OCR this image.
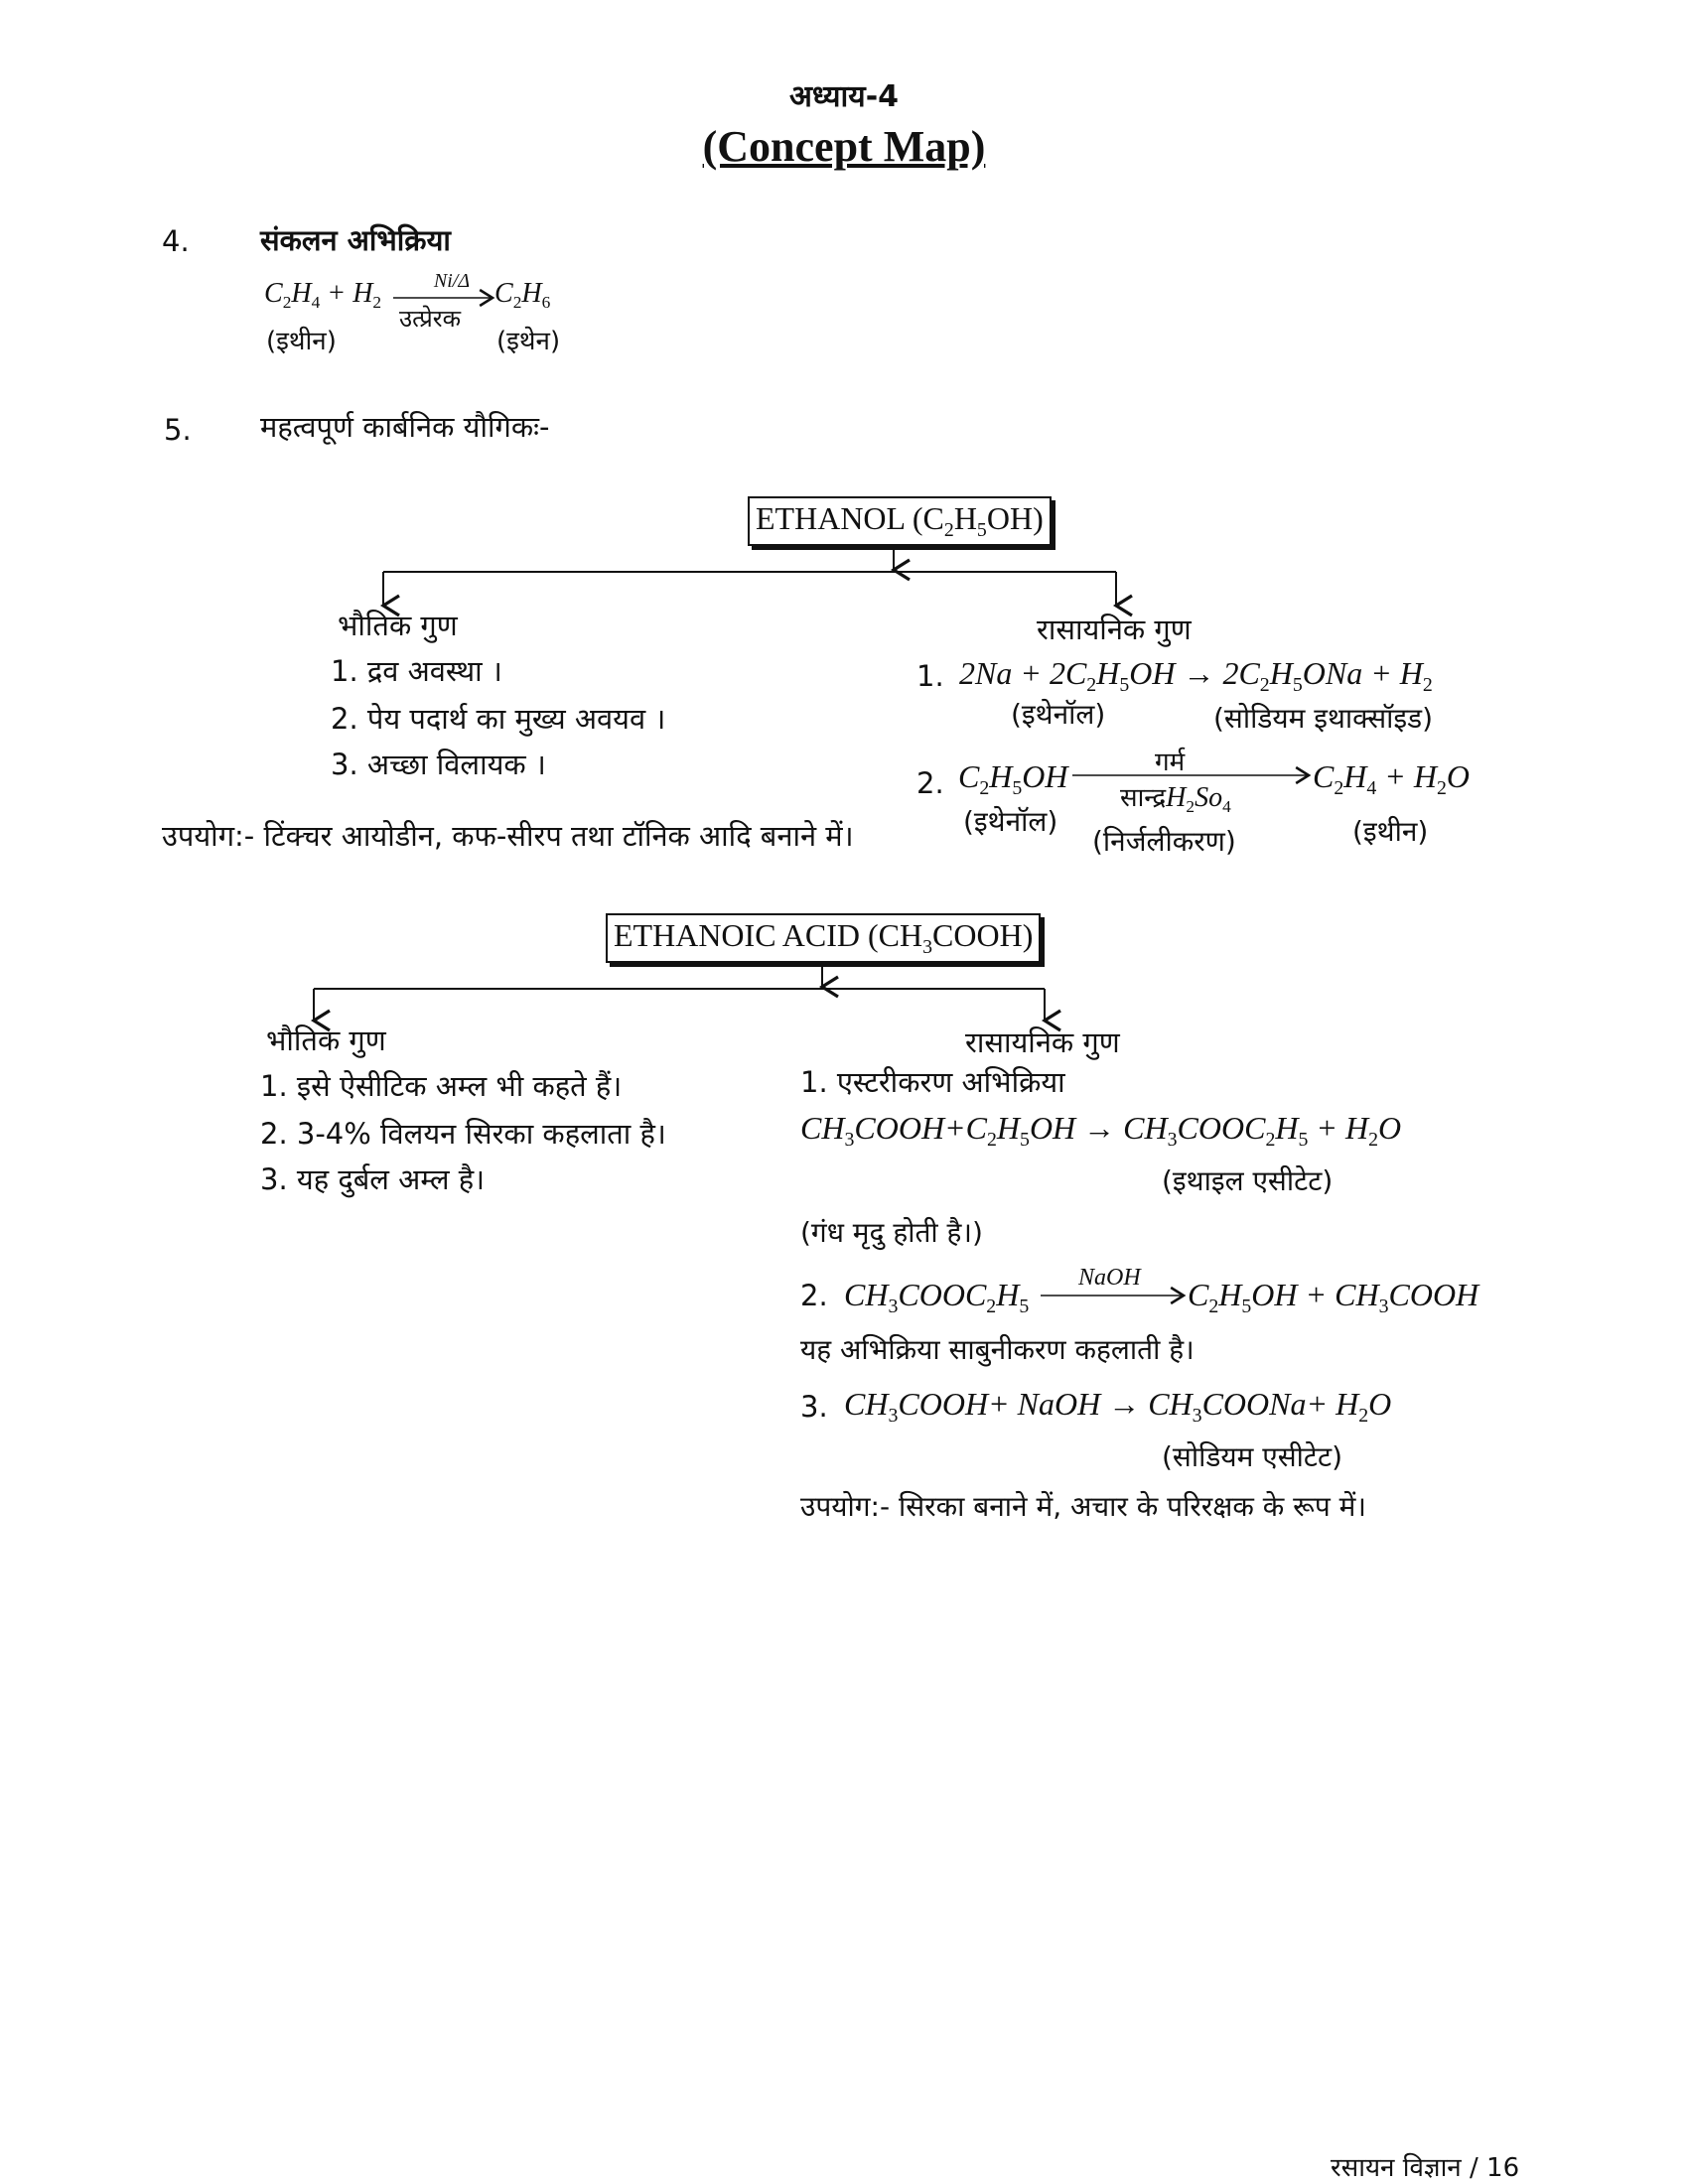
अध्याय-4
(Concept Map)
4. संकलन अभिक्रिया
$C_2H_4 + H_2$
Ni/Δ
उत्प्रेरक
$C_2H_6$
(इथीन)	(इथेन)
5. महत्वपूर्ण कार्बनिक यौगिकः-
ETHANOL $(C_2H_5OH)$
भौतिक गुण
1. द्रव अवस्था ।
2. पेय पदार्थ का मुख्य अवयव ।
3. अच्छा विलायक ।
उपयोग:- टिंक्चर आयोडीन, कफ-सीरप तथा टॉनिक आदि बनाने में।
रासायनिक गुण
1. $2Na + 2C_2H_5OH \to 2C_2H_5ONa + H_2$
(इथेनॉल)	(सोडियम इथाक्सॉइड)
2. $C_2H_5OH$	गर्म
$सान्द्रH_2So_4$
$C_2H_4 + H_2O$
(इथेनॉल)
(निर्जलीकरण)	(इथीन)
ETHANOIC ACID $(CH_3COOH)$
भौतिक गुण
1. इसे ऐसीटिक अम्ल भी कहते हैं।
2. 3-4% विलयन सिरका कहलाता है।
3. यह दुर्बल अम्ल है।
रासायनिक गुण
1. एस्टरीकरण अभिक्रिया
$CH_3COOH+C_2H_5OH$ → $CH_3COOC_2H_5 + H_2O$
(इथाइल एसीटेट)
(गंध मृदु होती है।)
2. $CH_3COOC_2H_5$
NaOH $C_2H_5OH$ + $CH_3COOH$
यह अभिक्रिया साबुनीकरण कहलाती है।
3. $CH_3COOH+$ NaOH → $CH_3COONa+ H_2O$
(सोडियम एसीटेट)
उपयोग:- सिरका बनाने में, अचार के परिरक्षक के रूप में।
रसायन विज्ञान / 16
